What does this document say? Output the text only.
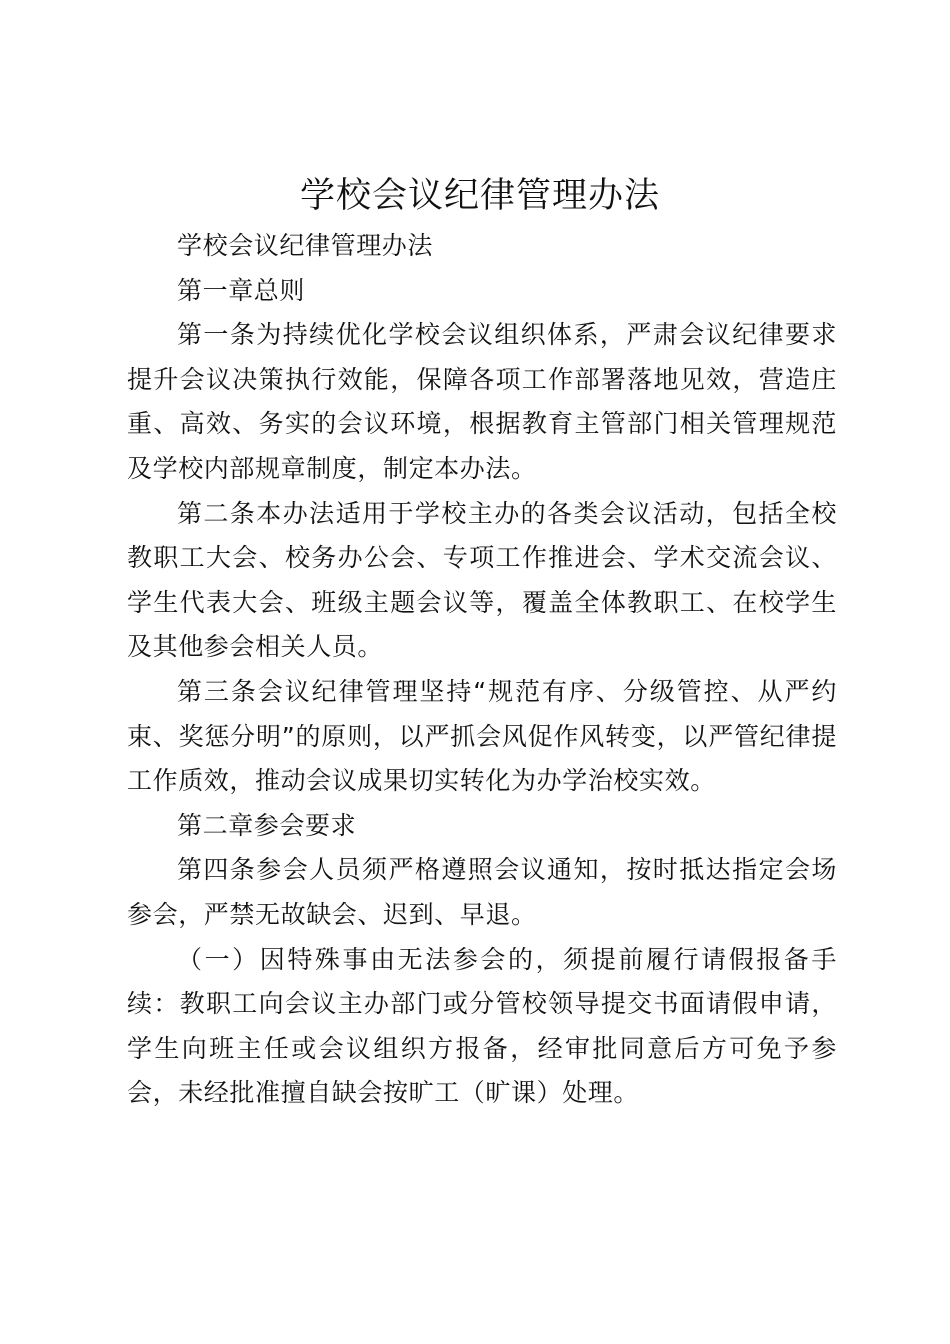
学校会议纪律管理办法

学校会议纪律管理办法

第一章总则

第一条为持续优化学校会议组织体系，严肃会议纪律要求提升会议决策执行效能，保障各项工作部署落地见效，营造庄重、高效、务实的会议环境，根据教育主管部门相关管理规范及学校内部规章制度，制定本办法。

第二条本办法适用于学校主办的各类会议活动，包括全校教职工大会、校务办公会、专项工作推进会、学术交流会议、学生代表大会、班级主题会议等，覆盖全体教职工、在校学生及其他参会相关人员。

第三条会议纪律管理坚持“规范有序、分级管控、从严约束、奖惩分明”的原则，以严抓会风促作风转变，以严管纪律提工作质效，推动会议成果切实转化为办学治校实效。

第二章参会要求

第四条参会人员须严格遵照会议通知，按时抵达指定会场参会，严禁无故缺会、迟到、早退。

（一）因特殊事由无法参会的，须提前履行请假报备手续：教职工向会议主办部门或分管校领导提交书面请假申请，学生向班主任或会议组织方报备，经审批同意后方可免予参会，未经批准擅自缺会按旷工（旷课）处理。
